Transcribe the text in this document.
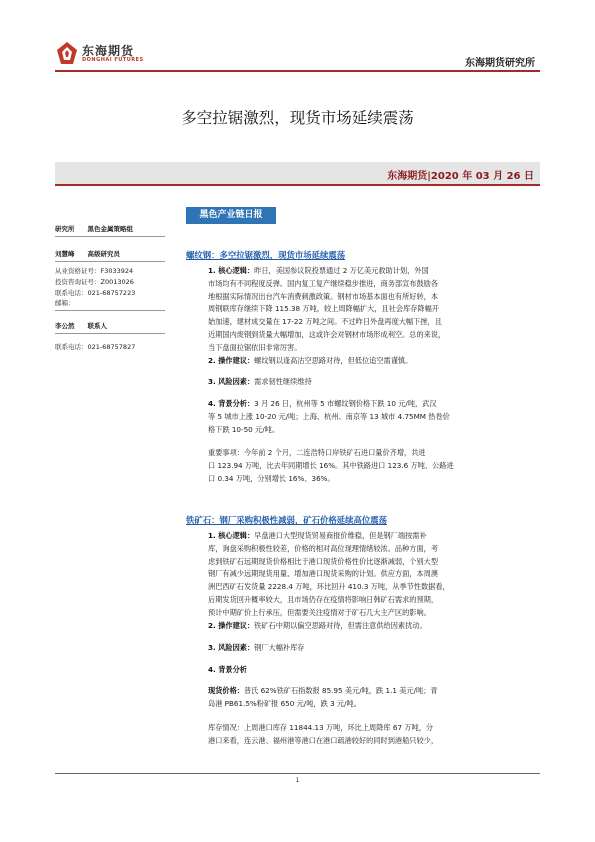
东海期货
DONGHAI FUTURES	东海期货研究所
多空拉锯激烈，现货市场延续震荡
东海期货|2020 年 03 月 26 日
黑色产业链日报
研究所　　黑色金属策略组
刘慧峰　　高级研究员
从业资格证号：F3033924
投资咨询证号：Z0013026
联系电话：021-68757223
邮箱：
李公然　　联系人
联系电话：021-68757827
螺纹钢：多空拉锯激烈，现货市场延续震荡
1. 核心逻辑：昨日，美国参议院投票通过 2 万亿美元救助计划，外国
市场均有不同程度反弹。国内复工复产继续稳步推进，商务部宣布鼓励各
地根据实际情况出台汽车消费刺激政策。钢材市场基本面也有所好转，本
周钢联库存继续下降 115.38 万吨，较上周降幅扩大，且社会库存降幅开
始加速，建材成交量在 17-22 万吨之间。不过昨日外盘再度大幅下挫，且
近期国内废钢到货量大幅增加，这或许会对钢材市场形成利空。总的来说，
当下盘面拉锯依旧非常厉害。
2. 操作建议：螺纹钢以逢高沽空思路对待，但低位追空需谨慎。
3. 风险因素：需求韧性继续维持
4. 背景分析：3 月 26 日，杭州等 5 市螺纹钢价格下跌 10 元/吨，武汉
等 5 城市上涨 10-20 元/吨；上海、杭州、南京等 13 城市 4.75MM 热卷价
格下跌 10-50 元/吨。
重要事项：今年前 2 个月，二连浩特口岸铁矿石进口量价齐增，共进
口 123.94 万吨，比去年同期增长 16%。其中铁路进口 123.6 万吨、公路进
口 0.34 万吨，分别增长 16%、36%。
铁矿石：钢厂采购积极性减弱，矿石价格延续高位震荡
1. 核心逻辑：早盘港口大型现货贸易商报价维稳，但是钢厂端按需补
库，询盘采购积极性较差，价格的相对高位现理情绪较浓。品种方面，考
虑到铁矿石远期现货价格相比于港口现货价格性价比逐渐减弱，个别大型
钢厂有减少远期现货用量、增加港口现货采购的计划。供应方面，本周澳
洲巴西矿石发货量 2228.4 万吨，环比回升 410.3 万吨，从季节性数据看，
后期发货回升概率较大，且市场仍存在疫情将影响日韩矿石需求的预期，
预计中期矿价上行承压，但需要关注疫情对于矿石几大主产区的影响。
2. 操作建议：铁矿石中期以偏空思路对待，但需注意供给因素扰动。
3. 风险因素：钢厂大幅补库存
4. 背景分析
现货价格：普氏 62%铁矿石指数报 85.95 美元/吨，跌 1.1 美元/吨；青
岛港 PB61.5%粉矿报 650 元/吨，跌 3 元/吨。
库存情况：上周港口库存 11844.13 万吨，环比上周降库 67 万吨，分
港口来看，连云港、福州港等港口在港口疏港较好的同时到港船只较少，
1
